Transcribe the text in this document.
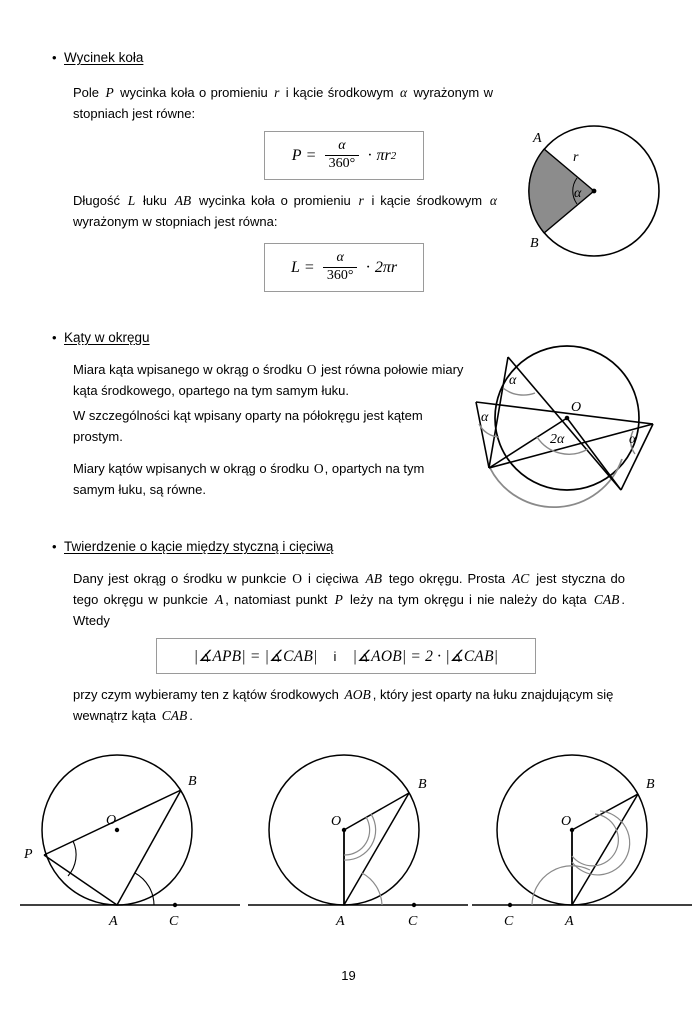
• Wycinek koła
Pole P wycinka koła o promieniu r i kącie środkowym α wyrażonym w stopniach jest równe:
$P = \frac{\alpha}{360^\circ} \cdot \pi r$ 2
Długość L łuku AB wycinka koła o promieniu r i kącie środkowym α wyrażonym w stopniach jest równa:
$L = \frac{\alpha}{360^\circ} \cdot 2\pi r$
A
B
r
α
• Kąty w okręgu
Miara kąta wpisanego w okrąg o środku O jest równa połowie miary kąta środkowego, opartego na tym samym łuku.
W szczególności kąt wpisany oparty na półokręgu jest kątem prostym.
Miary kątów wpisanych w okrąg o środku O, opartych na tym samym łuku, są równe.
O
α
α
α
2α
• Twierdzenie o kącie między styczną i cięciwą
Dany jest okrąg o środku w punkcie O i cięciwa AB tego okręgu. Prosta AC jest styczna do tego okręgu w punkcie A , natomiast punkt P leży na tym okręgu i nie należy do kąta CAB . Wtedy
|∡APB| = |∡CAB|	i	|∡AOB| = 2 · |∡CAB|
przy czym wybieramy ten z kątów środkowych AOB , który jest oparty na łuku znajdującym się wewnątrz kąta CAB .
O
A
B
C
P
O
A
B
C
O
A
B
C
19
